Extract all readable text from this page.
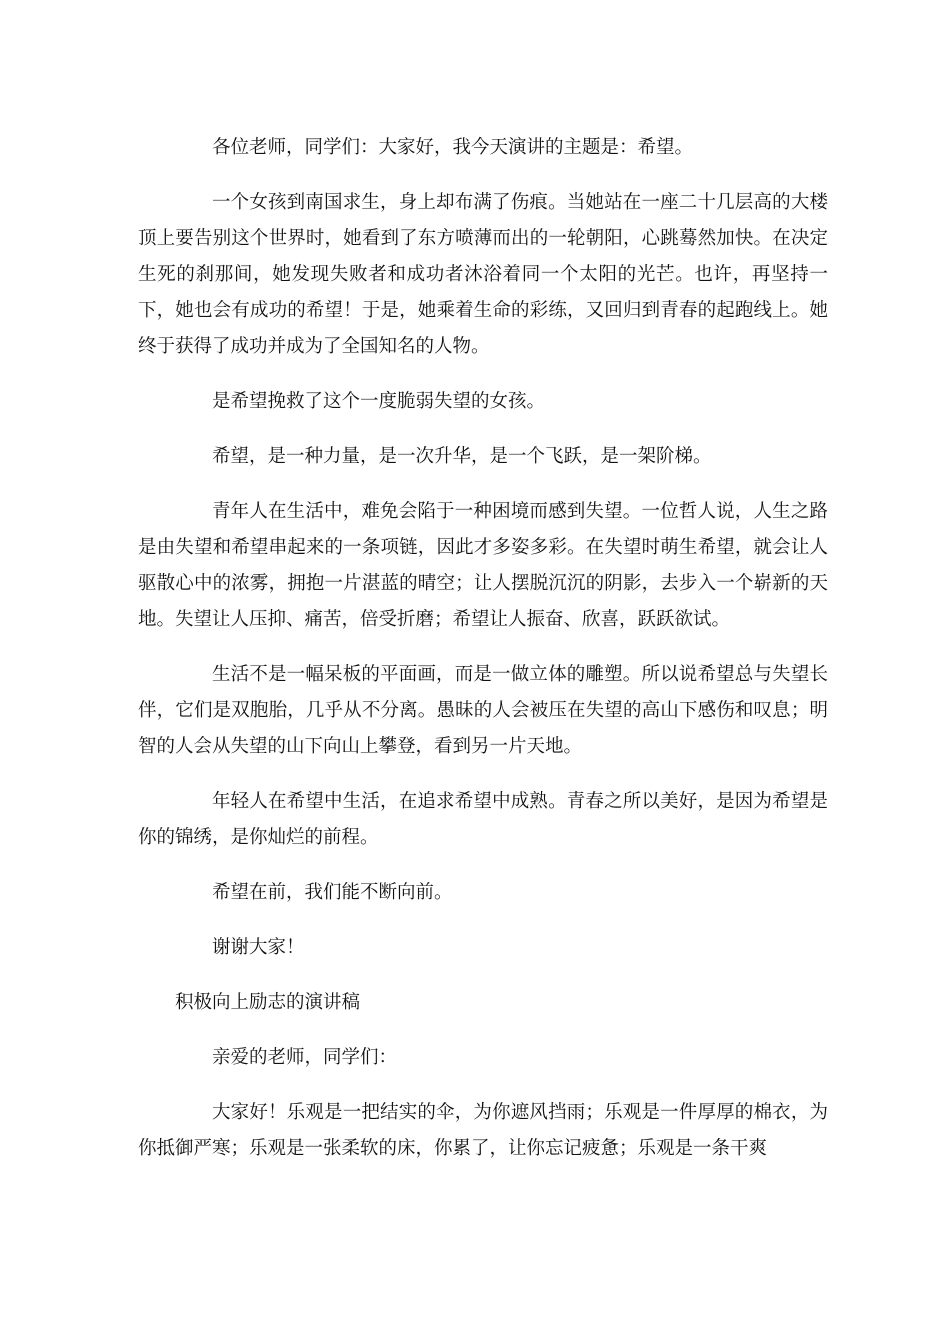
各位老师，同学们：大家好，我今天演讲的主题是：希望。

一个女孩到南国求生，身上却布满了伤痕。当她站在一座二十几层高的大楼顶上要告别这个世界时，她看到了东方喷薄而出的一轮朝阳，心跳蓦然加快。在决定生死的刹那间，她发现失败者和成功者沐浴着同一个太阳的光芒。也许，再坚持一下，她也会有成功的希望！于是，她乘着生命的彩练，又回归到青春的起跑线上。她终于获得了成功并成为了全国知名的人物。

是希望挽救了这个一度脆弱失望的女孩。

希望，是一种力量，是一次升华，是一个飞跃，是一架阶梯。

青年人在生活中，难免会陷于一种困境而感到失望。一位哲人说，人生之路是由失望和希望串起来的一条项链，因此才多姿多彩。在失望时萌生希望，就会让人驱散心中的浓雾，拥抱一片湛蓝的晴空；让人摆脱沉沉的阴影，去步入一个崭新的天地。失望让人压抑、痛苦，倍受折磨；希望让人振奋、欣喜，跃跃欲试。

生活不是一幅呆板的平面画，而是一做立体的雕塑。所以说希望总与失望长伴，它们是双胞胎，几乎从不分离。愚昧的人会被压在失望的高山下感伤和叹息；明智的人会从失望的山下向山上攀登，看到另一片天地。

年轻人在希望中生活，在追求希望中成熟。青春之所以美好，是因为希望是你的锦绣，是你灿烂的前程。

希望在前，我们能不断向前。

谢谢大家！

积极向上励志的演讲稿

亲爱的老师，同学们：

大家好！乐观是一把结实的伞，为你遮风挡雨；乐观是一件厚厚的棉衣，为你抵御严寒；乐观是一张柔软的床，你累了，让你忘记疲惫；乐观是一条干爽
